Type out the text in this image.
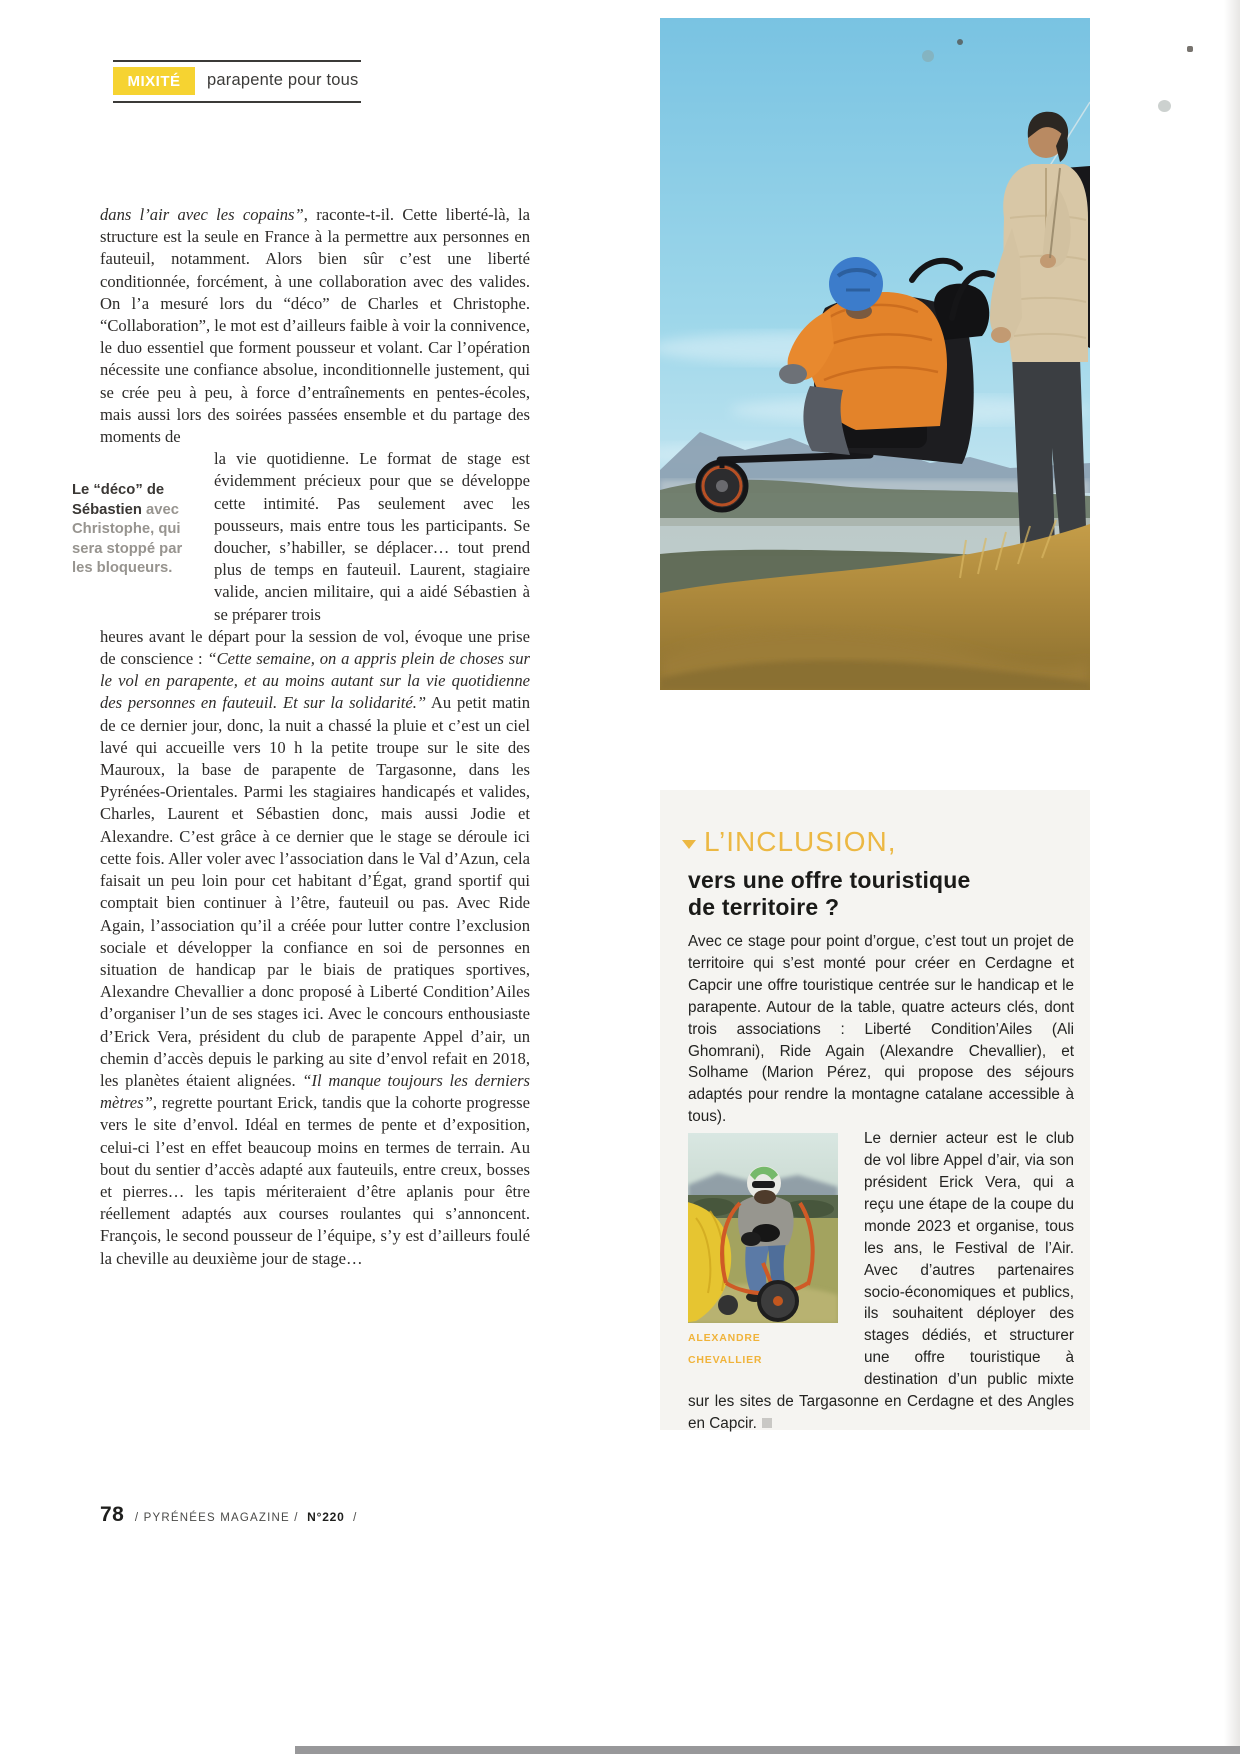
MIXITÉ parapente pour tous

dans l’air avec les copains”, raconte-t-il. Cette liberté-là, la structure est la seule en France à la permettre aux personnes en fauteuil, notamment. Alors bien sûr c’est une liberté conditionnée, forcément, à une collaboration avec des valides. On l’a mesuré lors du “déco” de Charles et Christophe. “Collaboration”, le mot est d’ailleurs faible à voir la connivence, le duo essentiel que forment pousseur et volant. Car l’opération nécessite une confiance absolue, inconditionnelle justement, qui se crée peu à peu, à force d’entraînements en pentes-écoles, mais aussi lors des soirées passées ensemble et du partage des moments de

la vie quotidienne. Le format de stage est évidemment précieux pour que se développe cette intimité. Pas seulement avec les pousseurs, mais entre tous les participants. Se doucher, s’habiller, se déplacer… tout prend plus de temps en fauteuil. Laurent, stagiaire valide, ancien militaire, qui a aidé Sébastien à se préparer trois

heures avant le départ pour la session de vol, évoque une prise de conscience : “Cette semaine, on a appris plein de choses sur le vol en parapente, et au moins autant sur la vie quotidienne des personnes en fauteuil. Et sur la solidarité.” Au petit matin de ce dernier jour, donc, la nuit a chassé la pluie et c’est un ciel lavé qui accueille vers 10 h la petite troupe sur le site des Mauroux, la base de parapente de Targasonne, dans les Pyrénées-Orientales. Parmi les stagiaires handicapés et valides, Charles, Laurent et Sébastien donc, mais aussi Jodie et Alexandre. C’est grâce à ce dernier que le stage se déroule ici cette fois. Aller voler avec l’association dans le Val d’Azun, cela faisait un peu loin pour cet habitant d’Égat, grand sportif qui comptait bien continuer à l’être, fauteuil ou pas. Avec Ride Again, l’association qu’il a créée pour lutter contre l’exclusion sociale et développer la confiance en soi de personnes en situation de handicap par le biais de pratiques sportives, Alexandre Chevallier a donc proposé à Liberté Condition’Ailes d’organiser l’un de ses stages ici. Avec le concours enthousiaste d’Erick Vera, président du club de parapente Appel d’air, un chemin d’accès depuis le parking au site d’envol refait en 2018, les planètes étaient alignées. “Il manque toujours les derniers mètres”, regrette pourtant Erick, tandis que la cohorte progresse vers le site d’envol. Idéal en termes de pente et d’exposition, celui-ci l’est en effet beaucoup moins en termes de terrain. Au bout du sentier d’accès adapté aux fauteuils, entre creux, bosses et pierres… les tapis mériteraient d’être aplanis pour être réellement adaptés aux courses roulantes qui s’annoncent. François, le second pousseur de l’équipe, s’y est d’ailleurs foulé la cheville au deuxième jour de stage…

Le “déco” de Sébastien avec Christophe, qui sera stoppé par les bloqueurs.
L’INCLUSION,
vers une offre touristique de territoire ?

Avec ce stage pour point d’orgue, c’est tout un projet de territoire qui s’est monté pour créer en Cerdagne et Capcir une offre touristique centrée sur le handicap et le parapente. Autour de la table, quatre acteurs clés, dont trois associations : Liberté Condition’Ailes (Ali Ghomrani), Ride Again (Alexandre Chevallier), et Solhame (Marion Pérez, qui propose des séjours adaptés pour rendre la montagne catalane accessible à tous).

ALEXANDRE CHEVALLIER

Le dernier acteur est le club de vol libre Appel d’air, via son président Erick Vera, qui a reçu une étape de la coupe du monde 2023 et organise, tous les ans, le Festival de l’Air. Avec d’autres partenaires socio-économiques et publics, ils souhaitent déployer des stages dédiés, et structurer une offre touristique à destination d’un public mixte sur les sites de Targasonne en Cerdagne et des Angles en Capcir.

78 / PYRÉNÉES MAGAZINE / N°220 /
